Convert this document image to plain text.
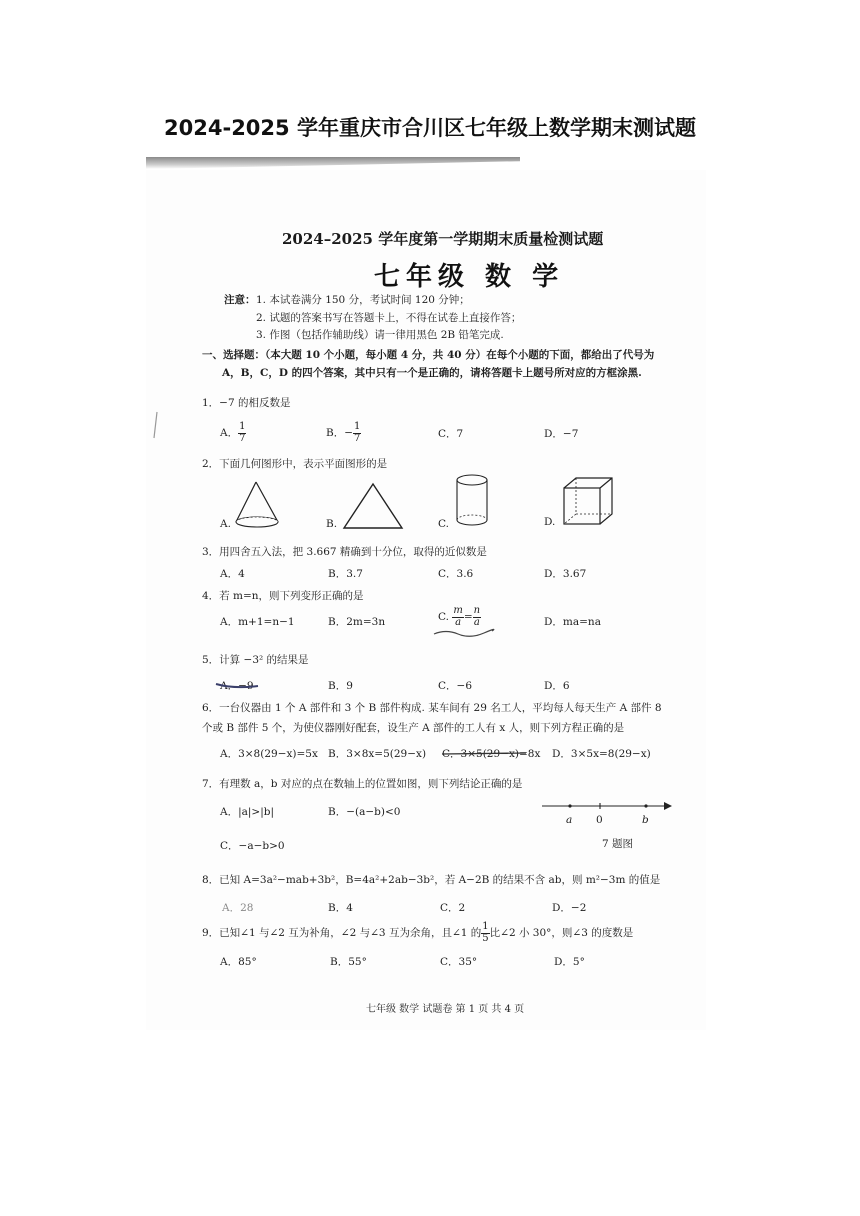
2024-2025 学年重庆市合川区七年级上数学期末测试题
2024–2025 学年度第一学期期末质量检测试题
七年级 数 学
注意： 1. 本试卷满分 150 分，考试时间 120 分钟；
2. 试题的答案书写在答题卡上，不得在试卷上直接作答；
3. 作图（包括作辅助线）请一律用黑色 2B 铅笔完成.
一、选择题：（本大题 10 个小题，每小题 4 分，共 40 分）在每个小题的下面，都给出了代号为
A，B，C，D 的四个答案，其中只有一个是正确的，请将答题卡上题号所对应的方框涂黑.
1．−7 的相反数是
A． $\frac{1}{7}$	B．− $\frac{1}{7}$	C．7	D．−7
2．下面几何图形中，表示平面图形的是
A.	B.	C.	D.
3．用四舍五入法，把 3.667 精确到十分位，取得的近似数是
A．4	B．3.7	C．3.6	D．3.67
4．若 m=n，则下列变形正确的是
A．m+1=n−1	B．2m=3n	C. $\frac{m}{a} = \frac{n}{a}$	D．ma=na
5．计算 −3² 的结果是
A．−9	B．9	C．−6	D．6
6．一台仪器由 1 个 A 部件和 3 个 B 部件构成. 某车间有 29 名工人，平均每人每天生产 A 部件 8
个或 B 部件 5 个，为使仪器刚好配套，设生产 A 部件的工人有 x 人，则下列方程正确的是
A．3×8(29−x)=5x B．3×8x=5(29−x) C．3×5(29−x)=8x D．3×5x=8(29−x)
7．有理数 a，b 对应的点在数轴上的位置如图，则下列结论正确的是
A．|a|>|b|	B．−(a−b)<0
C．−a−b>0
a 0	b
7 题图
8．已知 A=3a²−mab+3b²，B=4a²+2ab−3b²，若 A−2B 的结果不含 ab，则 m²−3m 的值是
A．28	B．4	C．2	D．−2
9．已知∠1 与∠2 互为补角，∠2 与∠3 互为余角，且∠1 的 $\frac{1}{5}$ 比∠2 小 30°，则∠3 的度数是
A．85°	B．55°	C．35°	D．5°
七年级 数学 试题卷 第 1 页 共 4 页
